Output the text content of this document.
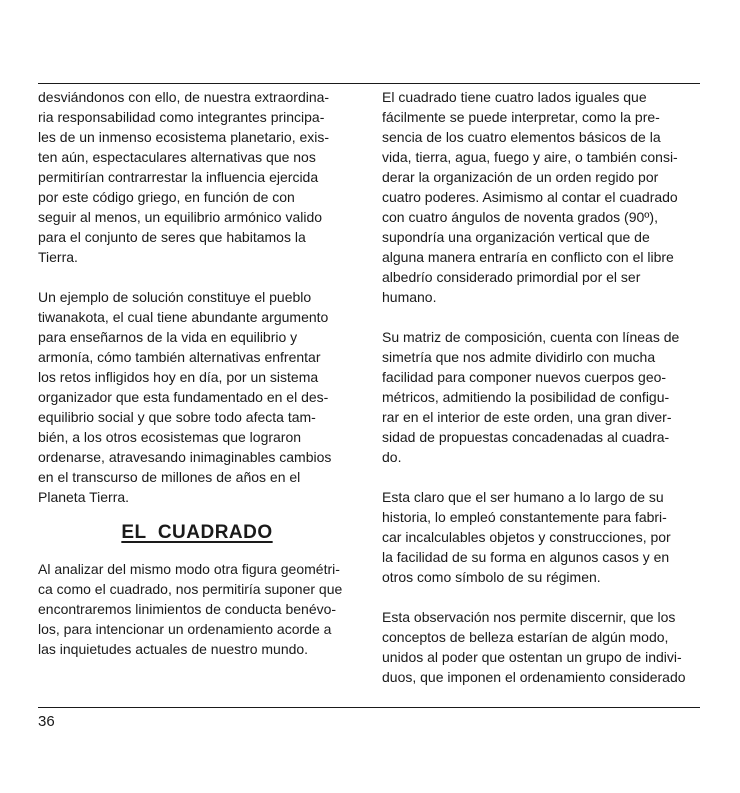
desviándonos con ello, de nuestra extraordina-
ria responsabilidad como integrantes principa-
les de un inmenso ecosistema planetario, exis-
ten aún, espectaculares alternativas que nos
permitirían contrarrestar la influencia ejercida
por este código griego, en función de con
seguir al menos, un equilibrio armónico valido
para el conjunto de seres que habitamos la
Tierra.
Un ejemplo de solución constituye el pueblo
tiwanakota, el cual tiene abundante argumento
para enseñarnos de la vida en equilibrio y
armonía, cómo también alternativas enfrentar
los retos infligidos hoy en día, por un sistema
organizador que esta fundamentado en el des-
equilibrio social y que sobre todo afecta tam-
bién, a los otros ecosistemas que lograron
ordenarse, atravesando inimaginables cambios
en el transcurso de millones de años en el
Planeta Tierra.
EL  CUADRADO
Al analizar del mismo modo otra figura geométri-
ca como el cuadrado, nos permitiría suponer que
encontraremos linimientos de conducta benévo-
los, para intencionar un ordenamiento acorde a
las inquietudes actuales de nuestro mundo.
El cuadrado tiene cuatro lados iguales que
fácilmente se puede interpretar, como la pre-
sencia de los cuatro elementos básicos de la
vida, tierra, agua, fuego y aire, o también consi-
derar la organización de un orden regido por
cuatro poderes. Asimismo al contar el cuadrado
con cuatro ángulos de noventa grados (90º),
supondría una organización vertical que de
alguna manera entraría en conflicto con el libre
albedrío considerado primordial por el ser
humano.
Su matriz de composición, cuenta con líneas de
simetría que nos admite dividirlo con mucha
facilidad para componer nuevos cuerpos geo-
métricos, admitiendo la posibilidad de configu-
rar en el interior de este orden, una gran diver-
sidad de propuestas concadenadas al cuadra-
do.
Esta claro que el ser humano a lo largo de su
historia, lo empleó constantemente para fabri-
car incalculables objetos y construcciones, por
la facilidad de su forma en algunos casos y en
otros como símbolo de su régimen.
Esta observación nos permite discernir, que los
conceptos de belleza estarían de algún modo,
unidos al poder que ostentan un grupo de indivi-
duos, que imponen el ordenamiento considerado
36
